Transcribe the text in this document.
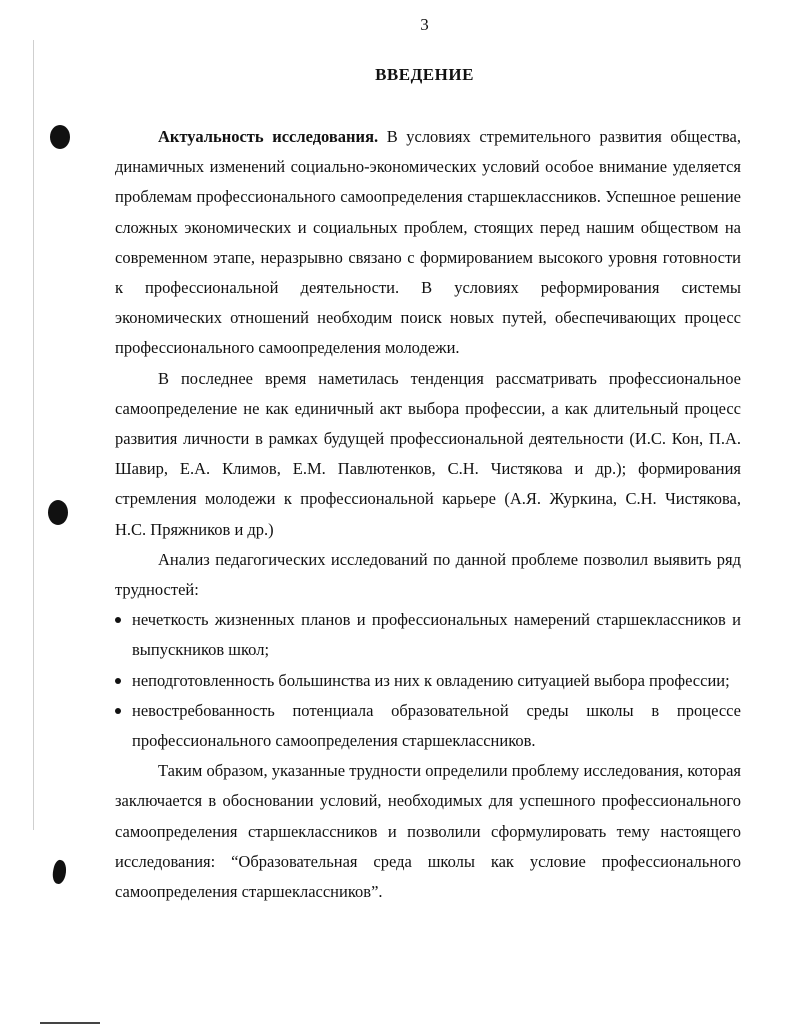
3
ВВЕДЕНИЕ

Актуальность исследования. В условиях стремительного развития общества, динамичных изменений социально-экономических условий особое внимание уделяется проблемам профессионального самоопределения старшеклассников. Успешное решение сложных экономических и социальных проблем, стоящих перед нашим обществом на современном этапе, неразрывно связано с формированием высокого уровня готовности к профессиональной деятельности. В условиях реформирования системы экономических отношений необходим поиск новых путей, обеспечивающих процесс профессионального самоопределения молодежи.

В последнее время наметилась тенденция рассматривать профессиональное самоопределение не как единичный акт выбора профессии, а как длительный процесс развития личности в рамках будущей профессиональной деятельности (И.С. Кон, П.А. Шавир, Е.А. Климов, Е.М. Павлютенков, С.Н. Чистякова и др.); формирования стремления молодежи к профессиональной карьере (А.Я. Журкина, С.Н. Чистякова, Н.С. Пряжников и др.)

Анализ педагогических исследований по данной проблеме позволил выявить ряд трудностей:

нечеткость жизненных планов и профессиональных намерений старшеклассников и выпускников школ;
неподготовленность большинства из них к овладению ситуацией выбора профессии;
невостребованность потенциала образовательной среды школы в процессе профессионального самоопределения старшеклассников.

Таким образом, указанные трудности определили проблему исследования, которая заключается в обосновании условий, необходимых для успешного профессионального самоопределения старшеклассников и позволили сформулировать тему настоящего исследования: “Образовательная среда школы как условие профессионального самоопределения старшеклассников”.
